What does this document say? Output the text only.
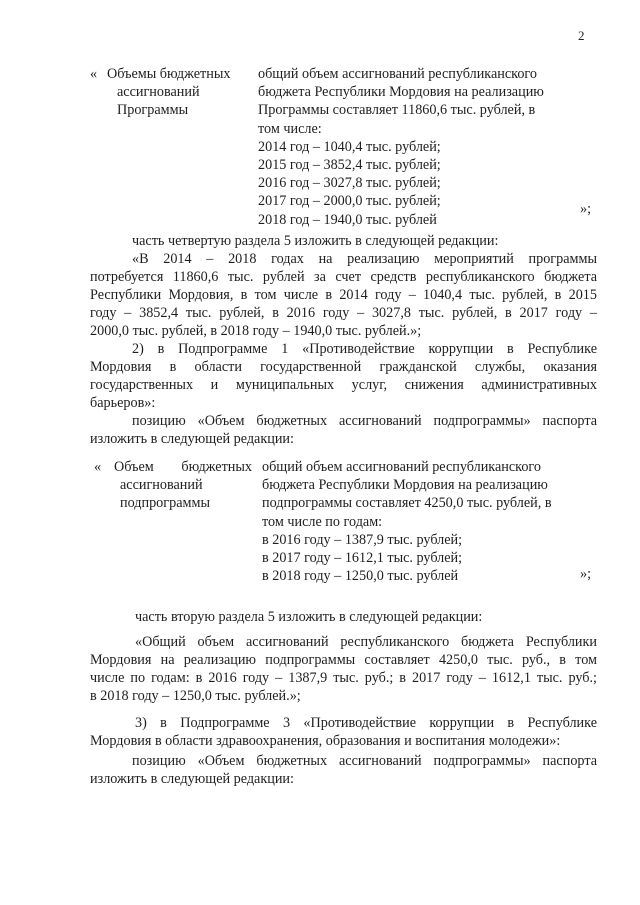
2
« Объемы бюджетных
ассигнований
Программы
общий объем ассигнований республиканского
бюджета Республики Мордовия на реализацию
Программы составляет 11860,6 тыс. рублей, в
том числе:
2014 год – 1040,4 тыс. рублей;
2015 год – 3852,4 тыс. рублей;
2016 год – 3027,8 тыс. рублей;
2017 год – 2000,0 тыс. рублей;
2018 год – 1940,0 тыс. рублей
»;
часть четвертую раздела 5 изложить в следующей редакции:
«В 2014 – 2018 годах на реализацию мероприятий программы
потребуется 11860,6 тыс. рублей за счет средств республиканского бюджета
Республики Мордовия, в том числе в 2014 году – 1040,4 тыс. рублей, в 2015
году – 3852,4 тыс. рублей, в 2016 году – 3027,8 тыс. рублей, в 2017 году –
2000,0 тыс. рублей, в 2018 году – 1940,0 тыс. рублей.»;
2) в Подпрограмме 1 «Противодействие коррупции в Республике
Мордовия в области государственной гражданской службы, оказания
государственных и муниципальных услуг, снижения административных
барьеров»:
позицию «Объем бюджетных ассигнований подпрограммы» паспорта
изложить в следующей редакции:
« Объем бюджетных
ассигнований
подпрограммы
общий объем ассигнований республиканского
бюджета Республики Мордовия на реализацию
подпрограммы составляет 4250,0 тыс. рублей, в
том числе по годам:
в 2016 году – 1387,9 тыс. рублей;
в 2017 году – 1612,1 тыс. рублей;
в 2018 году – 1250,0 тыс. рублей	»;
часть вторую раздела 5 изложить в следующей редакции:
«Общий объем ассигнований республиканского бюджета Республики
Мордовия на реализацию подпрограммы составляет 4250,0 тыс. руб., в том
числе по годам: в 2016 году – 1387,9 тыс. руб.; в 2017 году – 1612,1 тыс. руб.;
в 2018 году – 1250,0 тыс. рублей.»;
3) в Подпрограмме 3 «Противодействие коррупции в Республике
Мордовия в области здравоохранения, образования и воспитания молодежи»:
позицию «Объем бюджетных ассигнований подпрограммы» паспорта
изложить в следующей редакции:
